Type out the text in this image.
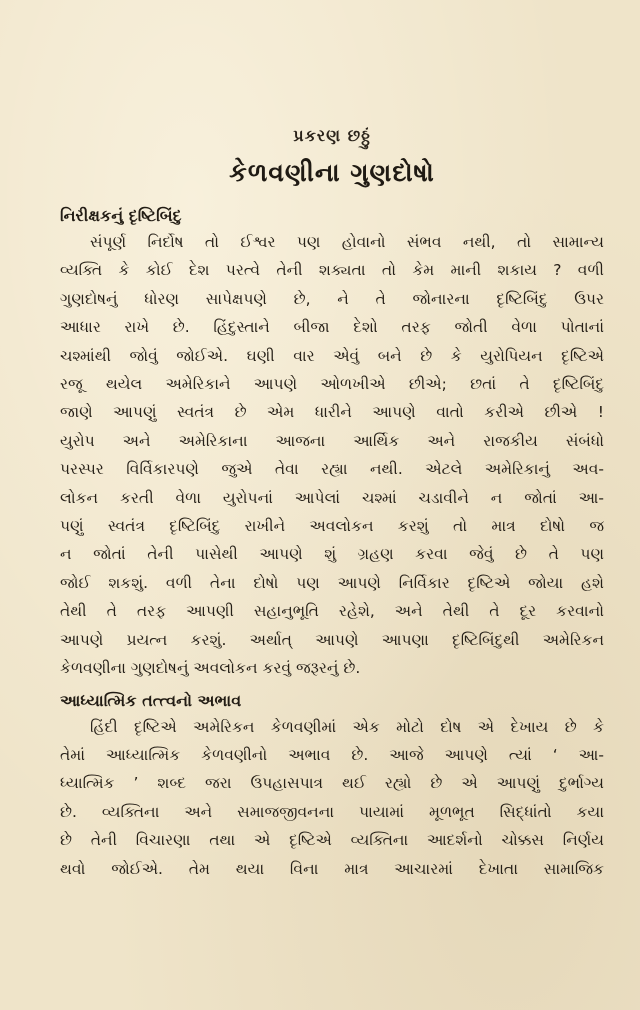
પ્રકરણ છઠ્ઠું
કેળવણીના ગુણદોષો
નિરીક્ષકનું દૃષ્ટિબિંદુ
સંપૂર્ણ નિર્દોષ તો ઈશ્વર પણ હોવાનો સંભવ નથી, તો સામાન્ય
વ્યક્તિ કે કોઈ દેશ પરત્વે તેની શક્યતા તો કેમ માની શકાય ? વળી
ગુણદોષનું ધોરણ સાપેક્ષપણે છે, ને તે જોનારના દૃષ્ટિબિંદુ ઉપર
આધાર રાખે છે. હિંદુસ્તાને બીજા દેશો તરફ જોતી વેળા પોતાનાં
ચશ્માંથી જોવું જોઈએ. ઘણી વાર એવું બને છે કે યુરોપિયન દૃષ્ટિએ
રજૂ થયેલ અમેરિકાને આપણે ઓળખીએ છીએ; છતાં તે દૃષ્ટિબિંદુ
જાણે આપણું સ્વતંત્ર છે એમ ધારીને આપણે વાતો કરીએ છીએ !
યુરોપ અને અમેરિકાના આજના આર્થિક અને રાજકીય સંબંધો
પરસ્પર વિર્વિકારપણે જુએ તેવા રહ્યા નથી. એટલે અમેરિકાનું અવ-
લોકન કરતી વેળા યુરોપનાં આપેલાં ચશ્માં ચડાવીને ન જોતાં આ-
પણું સ્વતંત્ર દૃષ્ટિબિંદુ રાખીને અવલોકન કરશું તો માત્ર દોષો જ
ન જોતાં તેની પાસેથી આપણે શું ગ્રહણ કરવા જેવું છે તે પણ
જોઈ શકશું. વળી તેના દોષો પણ આપણે નિર્વિકાર દૃષ્ટિએ જોયા હશે
તેથી તે તરફ આપણી સહાનુભૂતિ રહેશે, અને તેથી તે દૂર કરવાનો
આપણે પ્રયત્ન કરશું. અર્થાત્ આપણે આપણા દૃષ્ટિબિંદુથી અમેરિકન
કેળવણીના ગુણદોષનું અવલોકન કરવું જરૂરનું છે.
આધ્યાત્મિક તત્ત્વનો અભાવ
હિંદી દૃષ્ટિએ અમેરિકન કેળવણીમાં એક મોટો દોષ એ દેખાય છે કે
તેમાં આધ્યાત્મિક કેળવણીનો અભાવ છે. આજે આપણે ત્યાં ‘ આ-
ધ્યાત્મિક ’ શબ્દ જરા ઉપહાસપાત્ર થઈ રહ્યો છે એ આપણું દુર્ભાગ્ય
છે. વ્યક્તિના અને સમાજજીવનના પાયામાં મૂળભૂત સિદ્ધાંતો કયા
છે તેની વિચારણા તથા એ દૃષ્ટિએ વ્યક્તિના આદર્શનો ચોક્કસ નિર્ણય
થવો જોઈએ. તેમ થયા વિના માત્ર આચારમાં દેખાતા સામાજિક
